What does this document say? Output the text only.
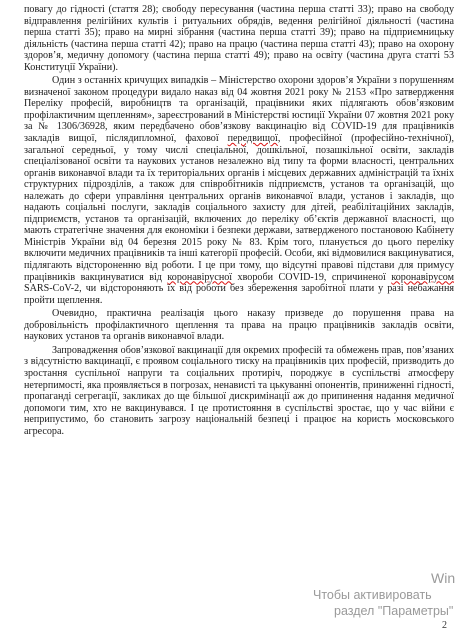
повагу до гідності (стаття 28); свободу пересування (частина перша статті 33); право на свободу відправлення релігійних культів і ритуальних обрядів, ведення релігійної діяльності (частина перша статті 35); право на мирні зібрання (частина перша статті 39); право на підприємницьку діяльність (частина перша статті 42); право на працю (частина перша статті 43); право на охорону здоров’я, медичну допомогу (частина перша статті 49); право на освіту (частина друга статті 53 Конституції України).

Один з останніх кричущих випадків – Міністерство охорони здоров’я України з порушенням визначеної законом процедури видало наказ від 04 жовтня 2021 року № 2153 «Про затвердження Переліку професій, виробництв та організацій, працівники яких підлягають обов’язковим профілактичним щепленням», зареєстрований в Міністерстві юстиції України 07 жовтня 2021 року за № 1306/36928, яким передбачено обов’язкову вакцинацію від COVID-19 для працівників закладів вищої, післядипломної, фахової передвищої, професійної (професійно-технічної), загальної середньої, у тому числі спеціальної, дошкільної, позашкільної освіти, закладів спеціалізованої освіти та наукових установ незалежно від типу та форми власності, центральних органів виконавчої влади та їх територіальних органів і місцевих державних адміністрацій та їхніх структурних підрозділів, а також для співробітників підприємств, установ та організацій, що належать до сфери управління центральних органів виконавчої влади, установ і закладів, що надають соціальні послуги, закладів соціального захисту для дітей, реабілітаційних закладів, підприємств, установ та організацій, включених до переліку об’єктів державної власності, що мають стратегічне значення для економіки і безпеки держави, затвердженого постановою Кабінету Міністрів України від 04 березня 2015 року № 83. Крім того, планується до цього переліку включити медичних працівників та інші категорії професій. Особи, які відмовилися вакцинуватися, підлягають відстороненню від роботи. І це при тому, що відсутні правові підстави для примусу працівників вакцинуватися від коронавірусної хвороби COVID-19, спричиненої коронавірусом SARS-CoV-2, чи відстороняють їх від роботи без збереження заробітної плати у разі небажання пройти щеплення.

Очевидно, практична реалізація цього наказу призведе до порушення права на добровільність профілактичного щеплення та права на працю працівників закладів освіти, наукових установ та органів виконавчої влади.

Запровадження обов’язкової вакцинації для окремих професій та обмежень прав, пов’язаних з відсутністю вакцинації, є проявом соціального тиску на працівників цих професій, призводить до зростання суспільної напруги та соціальних протиріч, породжує в суспільстві атмосферу нетерпимості, яка проявляється в погрозах, ненависті та цькуванні опонентів, приниженні гідності, пропаганді сегрегації, закликах до ще більшої дискримінації аж до припинення надання медичної допомоги тим, хто не вакцинувався. І це протистояння в суспільстві зростає, що у час війни є неприпустимо, бо становить загрозу національній безпеці і працює на користь московського агресора.

Win
Чтобы активировать
раздел "Параметры"
2
